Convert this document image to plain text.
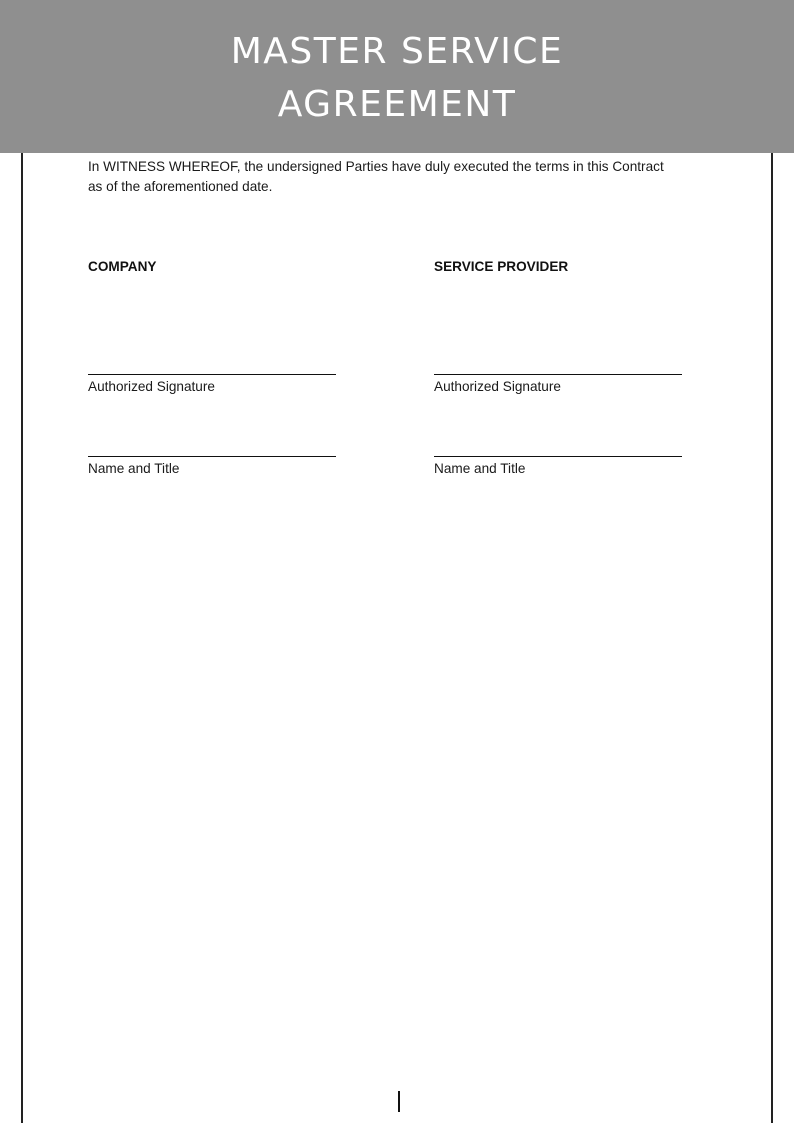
MASTER SERVICE AGREEMENT

In WITNESS WHEREOF, the undersigned Parties have duly executed the terms in this Contract as of the aforementioned date.

COMPANY

Authorized Signature
Name and Title

SERVICE PROVIDER

Authorized Signature
Name and Title
